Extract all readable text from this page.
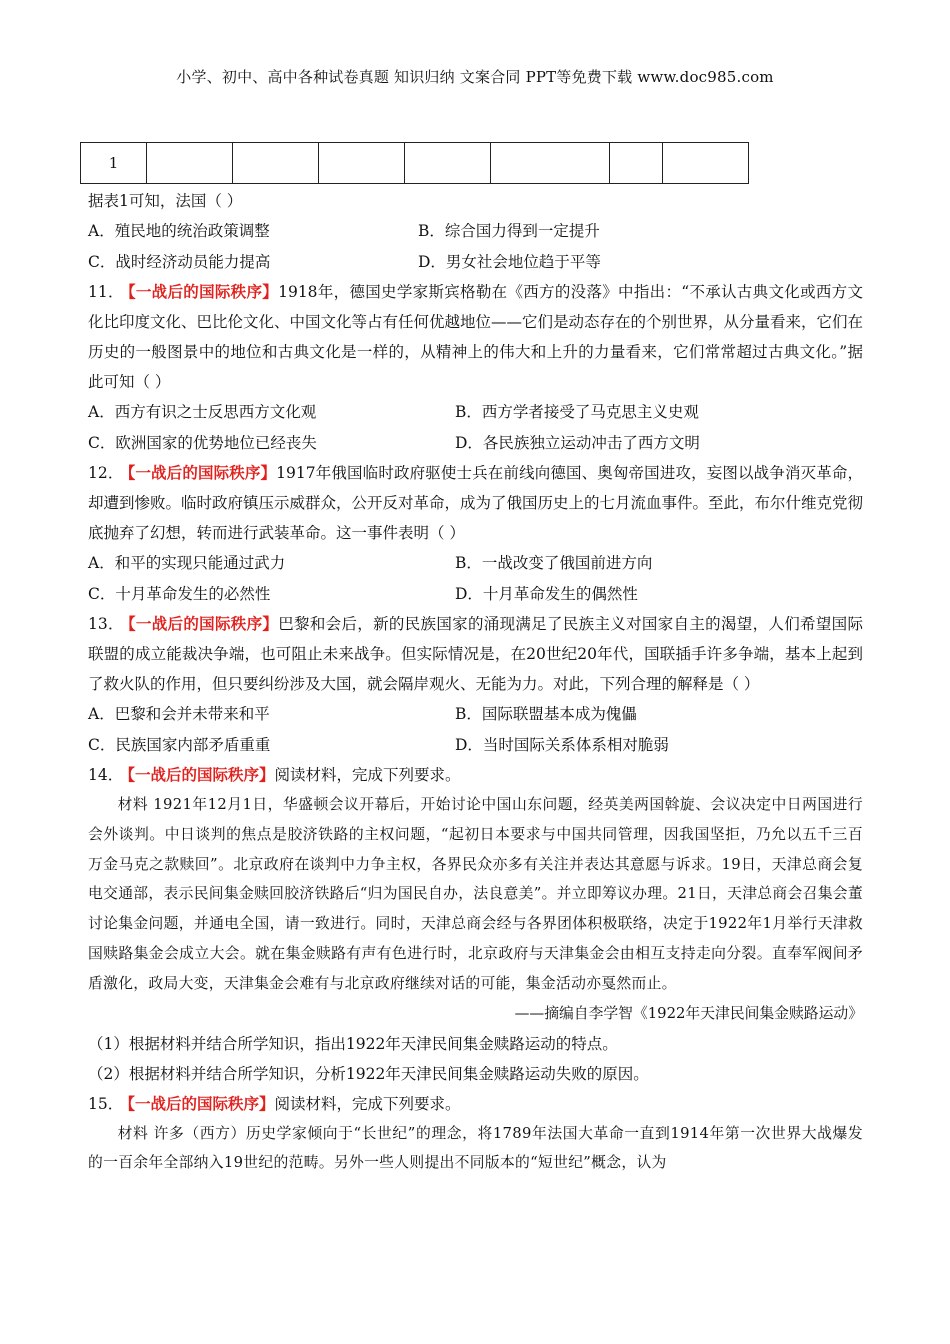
小学、初中、高中各种试卷真题 知识归纳 文案合同 PPT等免费下载 www.doc985.com
1							
据表1可知，法国（ ）
A．殖民地的统治政策调整	B．综合国力得到一定提升
C．战时经济动员能力提高	D．男女社会地位趋于平等
11． 【一战后的国际秩序】1918年，德国史学家斯宾格勒在《西方的没落》中指出：“不承认古典文化或西方文化比印度文化、巴比伦文化、中国文化等占有任何优越地位——它们是动态存在的个别世界，从分量看来，它们在历史的一般图景中的地位和古典文化是一样的，从精神上的伟大和上升的力量看来，它们常常超过古典文化。”据此可知（ ）
A．西方有识之士反思西方文化观	B．西方学者接受了马克思主义史观
C．欧洲国家的优势地位已经丧失	D．各民族独立运动冲击了西方文明
12． 【一战后的国际秩序】1917年俄国临时政府驱使士兵在前线向德国、奥匈帝国进攻，妄图以战争消灭革命，却遭到惨败。临时政府镇压示威群众，公开反对革命，成为了俄国历史上的七月流血事件。至此，布尔什维克党彻底抛弃了幻想，转而进行武装革命。这一事件表明（ ）
A．和平的实现只能通过武力	B．一战改变了俄国前进方向
C．十月革命发生的必然性	D．十月革命发生的偶然性
13． 【一战后的国际秩序】巴黎和会后，新的民族国家的涌现满足了民族主义对国家自主的渴望，人们希望国际联盟的成立能裁决争端，也可阻止未来战争。但实际情况是，在20世纪20年代，国联插手许多争端，基本上起到了救火队的作用，但只要纠纷涉及大国，就会隔岸观火、无能为力。对此，下列合理的解释是（ ）
A．巴黎和会并未带来和平	B．国际联盟基本成为傀儡
C．民族国家内部矛盾重重	D．当时国际关系体系相对脆弱
14． 【一战后的国际秩序】阅读材料，完成下列要求。
材料 1921年12月1日，华盛顿会议开幕后，开始讨论中国山东问题，经英美两国斡旋、会议决定中日两国进行会外谈判。中日谈判的焦点是胶济铁路的主权问题，“起初日本要求与中国共同管理，因我国坚拒，乃允以五千三百万金马克之款赎回”。北京政府在谈判中力争主权，各界民众亦多有关注并表达其意愿与诉求。19日，天津总商会复电交通部，表示民间集金赎回胶济铁路后“归为国民自办，法良意美”。并立即筹议办理。21日，天津总商会召集会董讨论集金问题，并通电全国，请一致进行。同时，天津总商会经与各界团体积极联络，决定于1922年1月举行天津救国赎路集金会成立大会。就在集金赎路有声有色进行时，北京政府与天津集金会由相互支持走向分裂。直奉军阀间矛盾激化，政局大变，天津集金会难有与北京政府继续对话的可能，集金活动亦戛然而止。
——摘编自李学智《1922年天津民间集金赎路运动》
（1）根据材料并结合所学知识，指出1922年天津民间集金赎路运动的特点。
（2）根据材料并结合所学知识，分析1922年天津民间集金赎路运动失败的原因。
15． 【一战后的国际秩序】阅读材料，完成下列要求。
材料 许多（西方）历史学家倾向于“长世纪”的理念，将1789年法国大革命一直到1914年第一次世界大战爆发的一百余年全部纳入19世纪的范畴。另外一些人则提出不同版本的“短世纪”概念，认为
